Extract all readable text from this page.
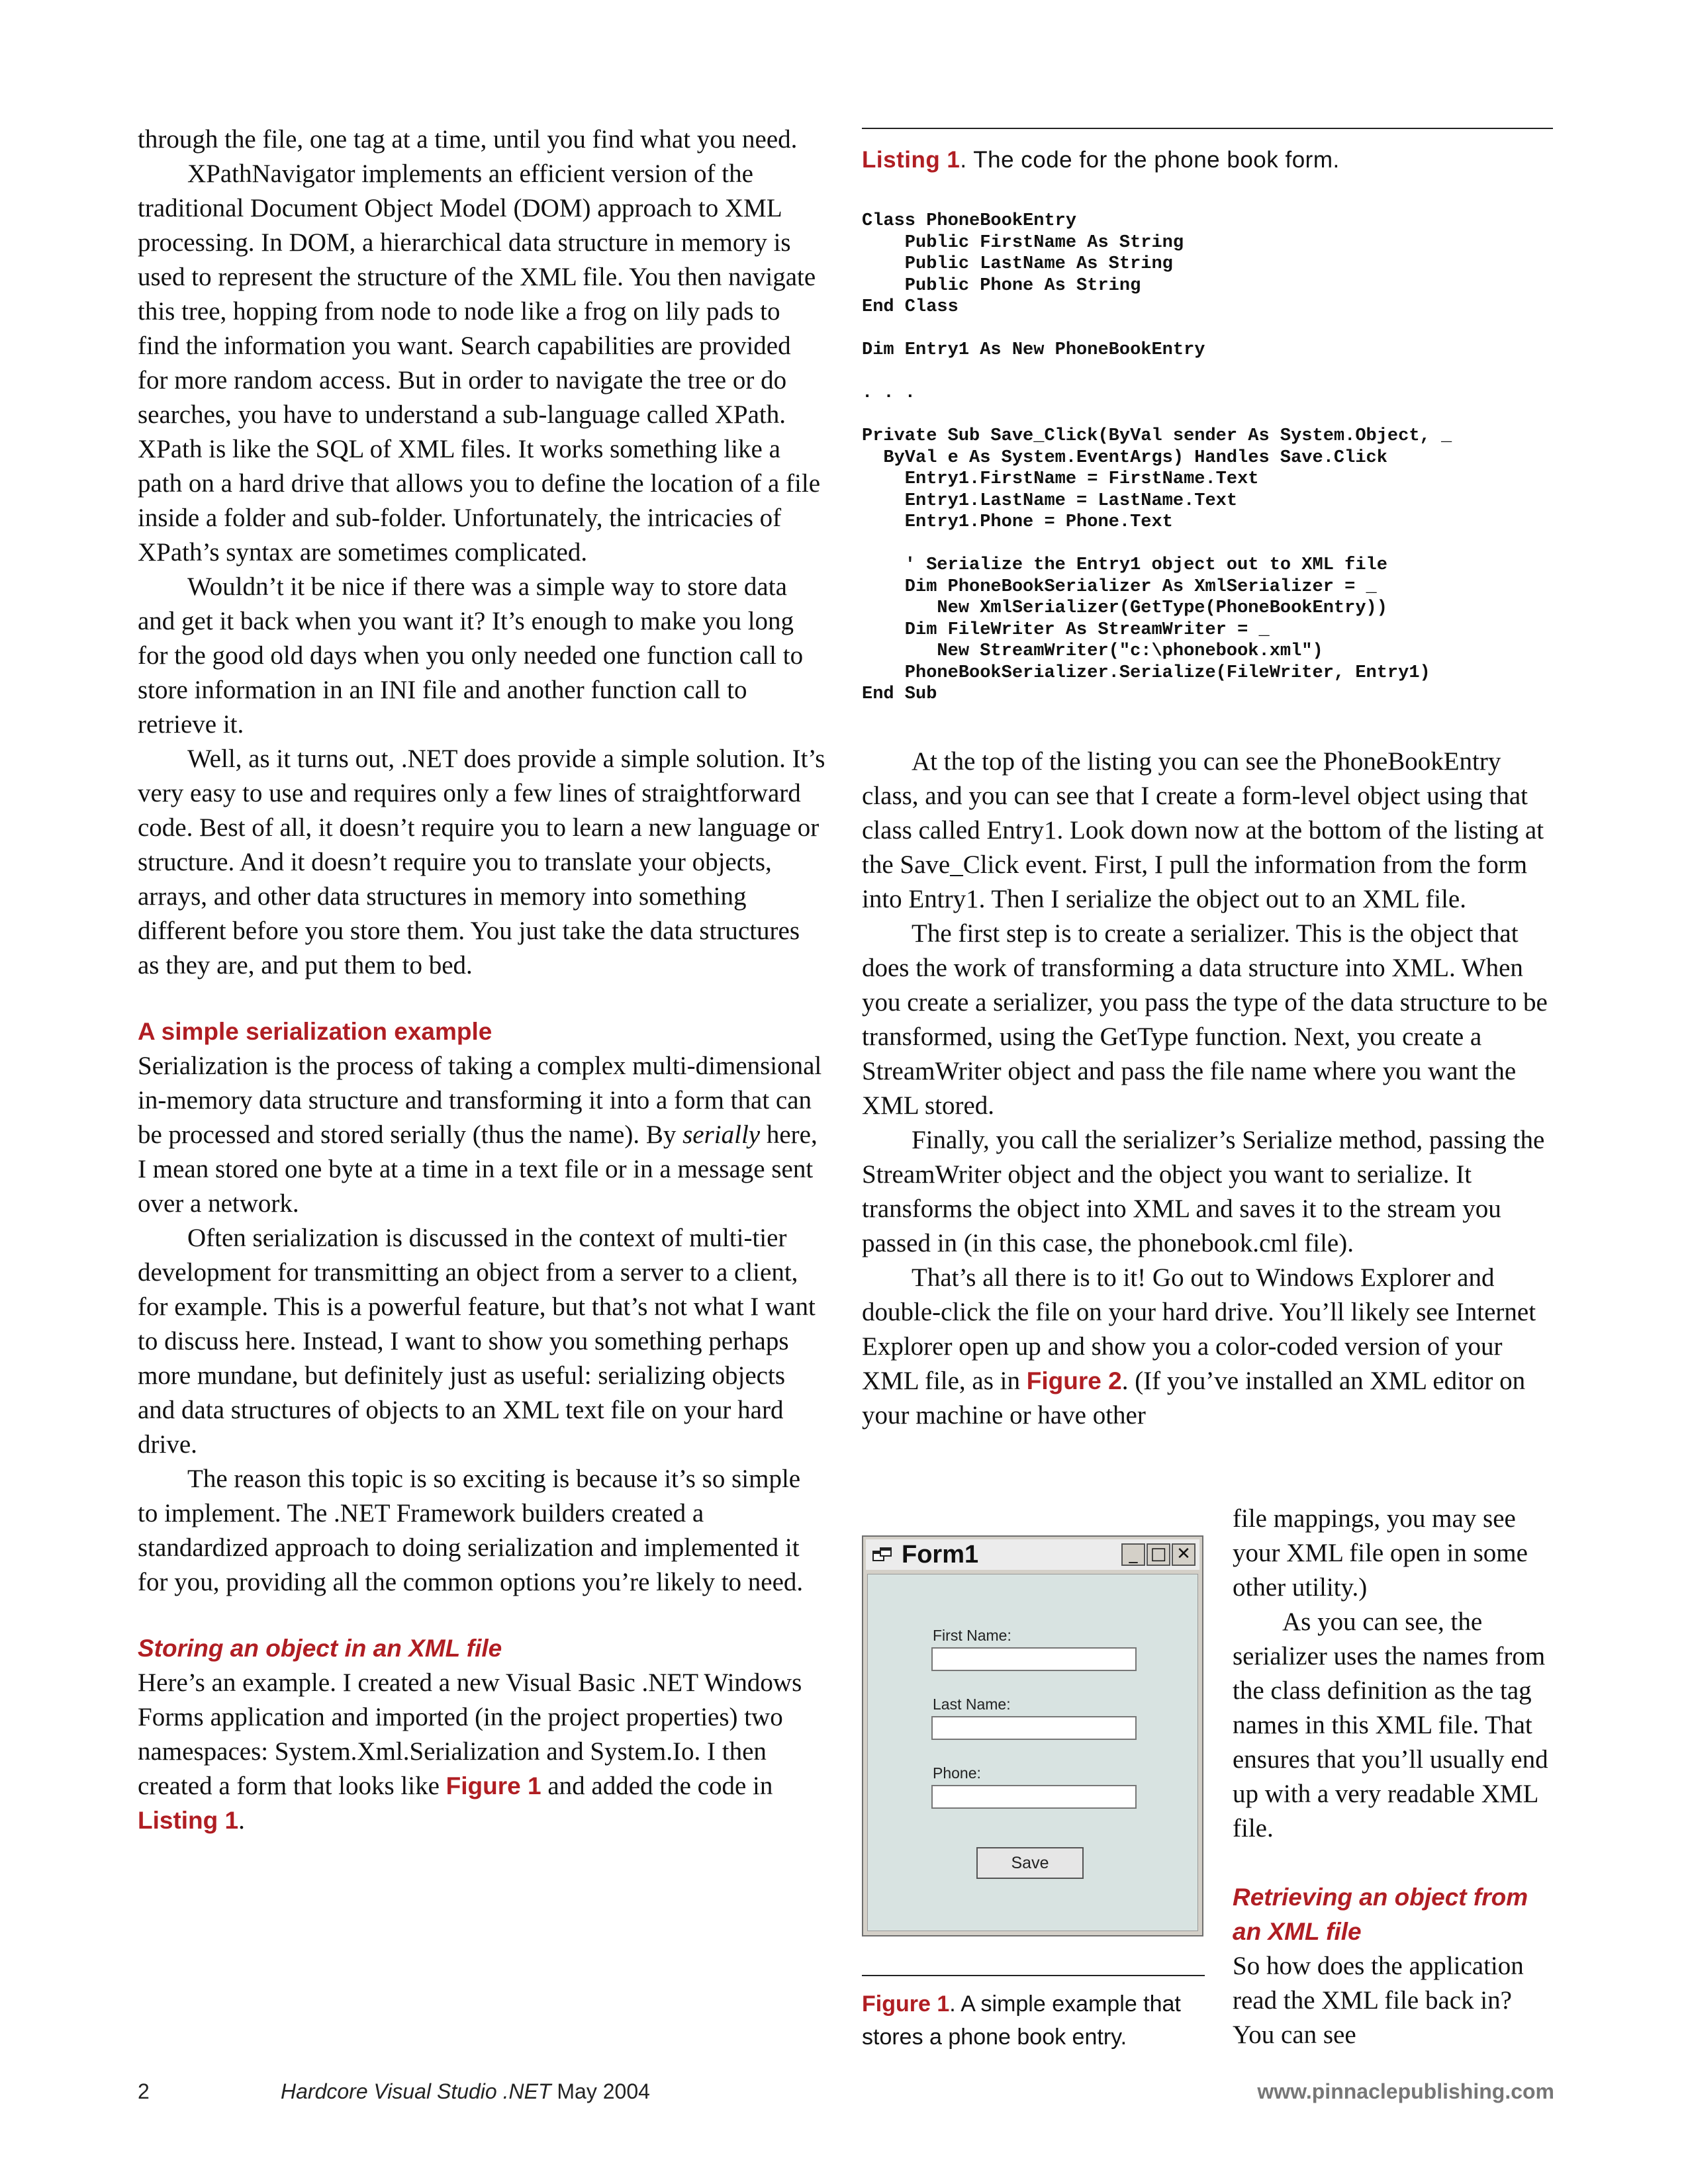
through the file, one tag at a time, until you find what you need.

XPathNavigator implements an efficient version of the traditional Document Object Model (DOM) approach to XML processing. In DOM, a hierarchical data structure in memory is used to represent the structure of the XML file. You then navigate this tree, hopping from node to node like a frog on lily pads to find the information you want. Search capabilities are provided for more random access. But in order to navigate the tree or do searches, you have to understand a sub-language called XPath. XPath is like the SQL of XML files. It works something like a path on a hard drive that allows you to define the location of a file inside a folder and sub-folder. Unfortunately, the intricacies of XPath’s syntax are sometimes complicated.

Wouldn’t it be nice if there was a simple way to store data and get it back when you want it? It’s enough to make you long for the good old days when you only needed one function call to store information in an INI file and another function call to retrieve it.

Well, as it turns out, .NET does provide a simple solution. It’s very easy to use and requires only a few lines of straightforward code. Best of all, it doesn’t require you to learn a new language or structure. And it doesn’t require you to translate your objects, arrays, and other data structures in memory into something different before you store them. You just take the data structures as they are, and put them to bed.

A simple serialization example

Serialization is the process of taking a complex multi-dimensional in-memory data structure and transforming it into a form that can be processed and stored serially (thus the name). By serially here, I mean stored one byte at a time in a text file or in a message sent over a network.

Often serialization is discussed in the context of multi-tier development for transmitting an object from a server to a client, for example. This is a powerful feature, but that’s not what I want to discuss here. Instead, I want to show you something perhaps more mundane, but definitely just as useful: serializing objects and data structures of objects to an XML text file on your hard drive.

The reason this topic is so exciting is because it’s so simple to implement. The .NET Framework builders created a standardized approach to doing serialization and implemented it for you, providing all the common options you’re likely to need.

Storing an object in an XML file

Here’s an example. I created a new Visual Basic .NET Windows Forms application and imported (in the project properties) two namespaces: System.Xml.Serialization and System.Io. I then created a form that looks like Figure 1 and added the code in Listing 1.

Listing 1. The code for the phone book form.
Class PhoneBookEntry
Public FirstName As String
Public LastName As String
Public Phone As String
End Class

Dim Entry1 As New PhoneBookEntry

. . .

Private Sub Save_Click(ByVal sender As System.Object, _
ByVal e As System.EventArgs) Handles Save.Click
Entry1.FirstName = FirstName.Text
Entry1.LastName = LastName.Text
Entry1.Phone = Phone.Text

' Serialize the Entry1 object out to XML file
Dim PhoneBookSerializer As XmlSerializer = _
New XmlSerializer(GetType(PhoneBookEntry))
Dim FileWriter As StreamWriter = _
New StreamWriter("c:\phonebook.xml")
PhoneBookSerializer.Serialize(FileWriter, Entry1)
End Sub

At the top of the listing you can see the PhoneBookEntry class, and you can see that I create a form-level object using that class called Entry1. Look down now at the bottom of the listing at the Save_Click event. First, I pull the information from the form into Entry1. Then I serialize the object out to an XML file.

The first step is to create a serializer. This is the object that does the work of transforming a data structure into XML. When you create a serializer, you pass the type of the data structure to be transformed, using the GetType function. Next, you create a StreamWriter object and pass the file name where you want the XML stored.

Finally, you call the serializer’s Serialize method, passing the StreamWriter object and the object you want to serialize. It transforms the object into XML and saves it to the stream you passed in (in this case, the phonebook.cml file).

That’s all there is to it! Go out to Windows Explorer and double-click the file on your hard drive. You’ll likely see Internet Explorer open up and show you a color-coded version of your XML file, as in Figure 2. (If you’ve installed an XML editor on your machine or have other

file mappings, you may see your XML file open in some other utility.)

As you can see, the serializer uses the names from the class definition as the tag names in this XML file. That ensures that you’ll usually end up with a very readable XML file.

Retrieving an object from an XML file

So how does the application read the XML file back in? You can see

Form1	_ □ ✕
First Name:
Last Name:
Phone:
Save
Figure 1. A simple example that stores a phone book entry.
2	Hardcore Visual Studio .NET May 2004	www.pinnaclepublishing.com
